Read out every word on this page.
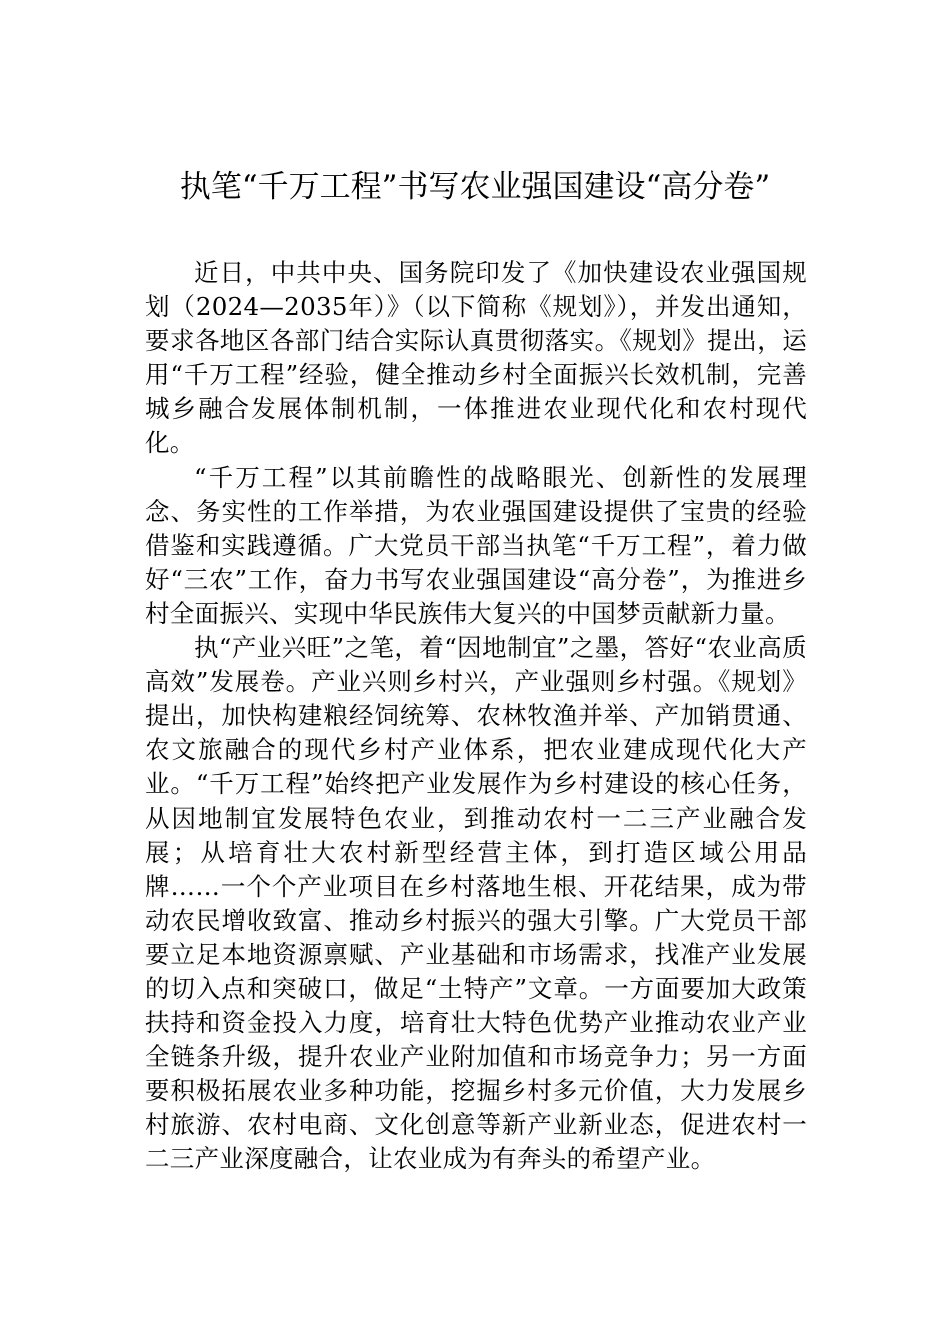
执笔“千万工程”书写农业强国建设“高分卷”

近日，中共中央、国务院印发了《加快建设农业强国规划（2024—2035年）》（以下简称《规划》），并发出通知，要求各地区各部门结合实际认真贯彻落实。《规划》提出，运用“千万工程”经验，健全推动乡村全面振兴长效机制，完善城乡融合发展体制机制，一体推进农业现代化和农村现代化。

“千万工程”以其前瞻性的战略眼光、创新性的发展理念、务实性的工作举措，为农业强国建设提供了宝贵的经验借鉴和实践遵循。广大党员干部当执笔“千万工程”，着力做好“三农”工作，奋力书写农业强国建设“高分卷”，为推进乡村全面振兴、实现中华民族伟大复兴的中国梦贡献新力量。

执“产业兴旺”之笔，着“因地制宜”之墨，答好“农业高质高效”发展卷。产业兴则乡村兴，产业强则乡村强。《规划》提出，加快构建粮经饲统筹、农林牧渔并举、产加销贯通、农文旅融合的现代乡村产业体系，把农业建成现代化大产业。“千万工程”始终把产业发展作为乡村建设的核心任务，从因地制宜发展特色农业，到推动农村一二三产业融合发展；从培育壮大农村新型经营主体，到打造区域公用品牌……一个个产业项目在乡村落地生根、开花结果，成为带动农民增收致富、推动乡村振兴的强大引擎。广大党员干部要立足本地资源禀赋、产业基础和市场需求，找准产业发展的切入点和突破口，做足“土特产”文章。一方面要加大政策扶持和资金投入力度，培育壮大特色优势产业推动农业产业全链条升级，提升农业产业附加值和市场竞争力；另一方面要积极拓展农业多种功能，挖掘乡村多元价值，大力发展乡村旅游、农村电商、文化创意等新产业新业态，促进农村一二三产业深度融合，让农业成为有奔头的希望产业。
